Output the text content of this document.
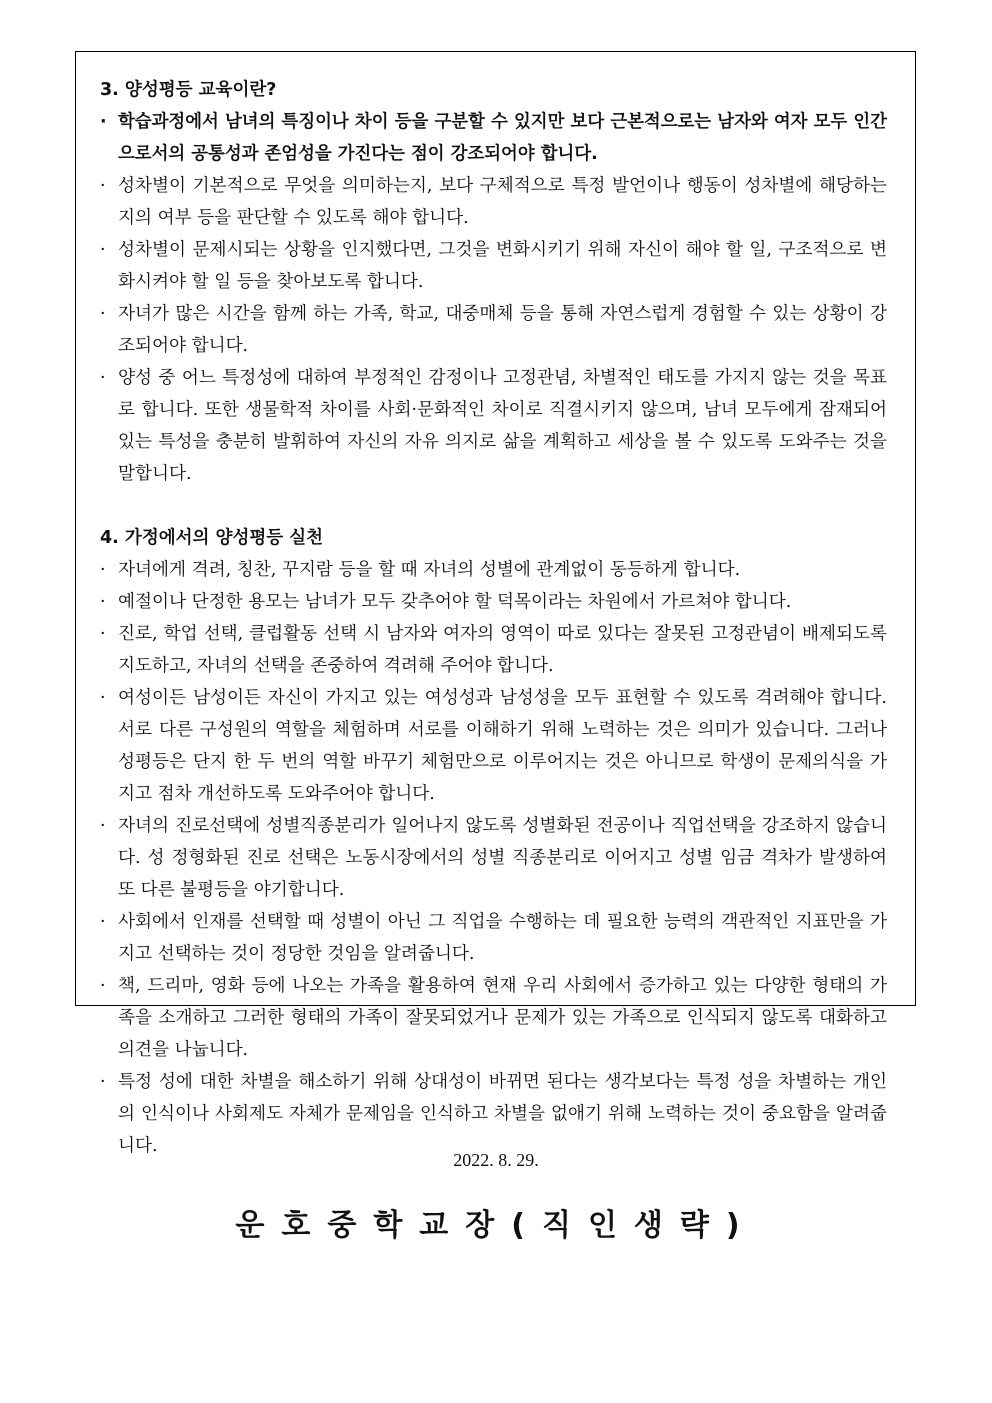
3. 양성평등 교육이란?

· 학습과정에서 남녀의 특징이나 차이 등을 구분할 수 있지만 보다 근본적으로는 남자와 여자 모두 인간으로서의 공통성과 존엄성을 가진다는 점이 강조되어야 합니다.

· 성차별이 기본적으로 무엇을 의미하는지, 보다 구체적으로 특정 발언이나 행동이 성차별에 해당하는지의 여부 등을 판단할 수 있도록 해야 합니다.

· 성차별이 문제시되는 상황을 인지했다면, 그것을 변화시키기 위해 자신이 해야 할 일, 구조적으로 변화시켜야 할 일 등을 찾아보도록 합니다.

· 자녀가 많은 시간을 함께 하는 가족, 학교, 대중매체 등을 통해 자연스럽게 경험할 수 있는 상황이 강조되어야 합니다.

· 양성 중 어느 특정성에 대하여 부정적인 감정이나 고정관념, 차별적인 태도를 가지지 않는 것을 목표로 합니다. 또한 생물학적 차이를 사회·문화적인 차이로 직결시키지 않으며, 남녀 모두에게 잠재되어 있는 특성을 충분히 발휘하여 자신의 자유 의지로 삶을 계획하고 세상을 볼 수 있도록 도와주는 것을 말합니다.

4. 가정에서의 양성평등 실천

· 자녀에게 격려, 칭찬, 꾸지람 등을 할 때 자녀의 성별에 관계없이 동등하게 합니다.

· 예절이나 단정한 용모는 남녀가 모두 갖추어야 할 덕목이라는 차원에서 가르쳐야 합니다.

· 진로, 학업 선택, 클럽활동 선택 시 남자와 여자의 영역이 따로 있다는 잘못된 고정관념이 배제되도록 지도하고, 자녀의 선택을 존중하여 격려해 주어야 합니다.

· 여성이든 남성이든 자신이 가지고 있는 여성성과 남성성을 모두 표현할 수 있도록 격려해야 합니다. 서로 다른 구성원의 역할을 체험하며 서로를 이해하기 위해 노력하는 것은 의미가 있습니다. 그러나 성평등은 단지 한 두 번의 역할 바꾸기 체험만으로 이루어지는 것은 아니므로 학생이 문제의식을 가지고 점차 개선하도록 도와주어야 합니다.

· 자녀의 진로선택에 성별직종분리가 일어나지 않도록 성별화된 전공이나 직업선택을 강조하지 않습니다. 성 정형화된 진로 선택은 노동시장에서의 성별 직종분리로 이어지고 성별 임금 격차가 발생하여 또 다른 불평등을 야기합니다.

· 사회에서 인재를 선택할 때 성별이 아닌 그 직업을 수행하는 데 필요한 능력의 객관적인 지표만을 가지고 선택하는 것이 정당한 것임을 알려줍니다.

· 책, 드리마, 영화 등에 나오는 가족을 활용하여 현재 우리 사회에서 증가하고 있는 다양한 형태의 가족을 소개하고 그러한 형태의 가족이 잘못되었거나 문제가 있는 가족으로 인식되지 않도록 대화하고 의견을 나눕니다.

· 특정 성에 대한 차별을 해소하기 위해 상대성이 바뀌면 된다는 생각보다는 특정 성을 차별하는 개인의 인식이나 사회제도 자체가 문제임을 인식하고 차별을 없애기 위해 노력하는 것이 중요함을 알려줍니다.

2022. 8. 29.

운호중학교장(직인생략)
